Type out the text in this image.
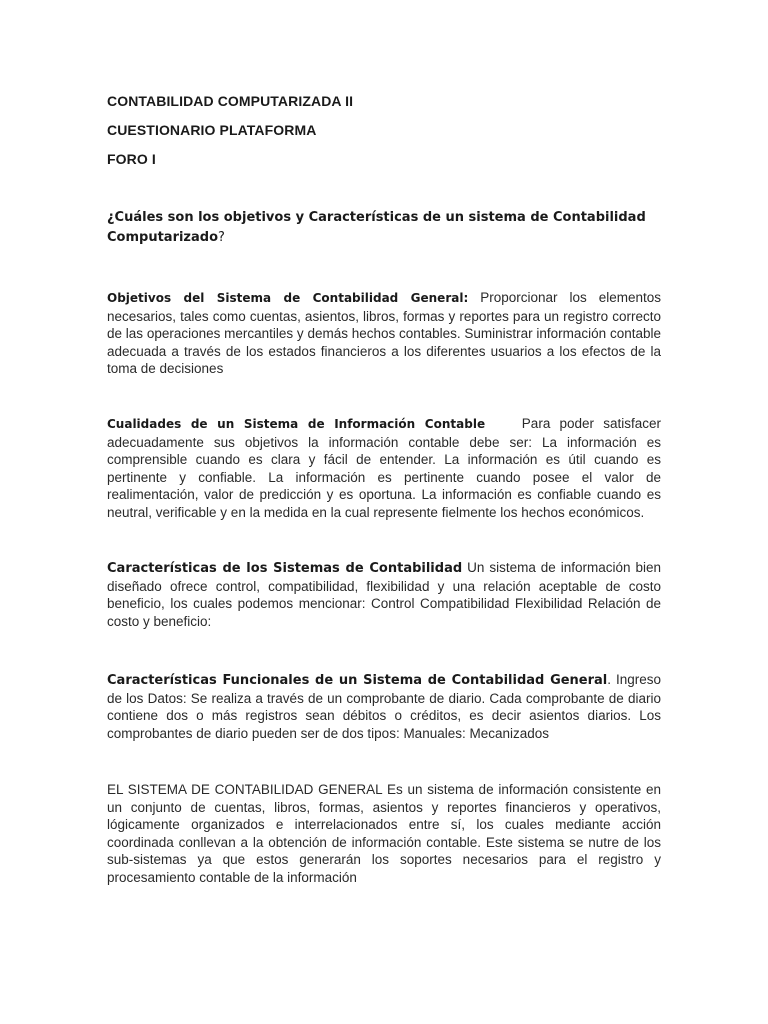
CONTABILIDAD COMPUTARIZADA II
CUESTIONARIO PLATAFORMA
FORO I
¿Cuáles son los objetivos y Características de un sistema de Contabilidad Computarizado?
Objetivos del Sistema de Contabilidad General: Proporcionar los elementos necesarios, tales como cuentas, asientos, libros, formas y reportes para un registro correcto de las operaciones mercantiles y demás hechos contables. Suministrar información contable adecuada a través de los estados financieros a los diferentes usuarios a los efectos de la toma de decisiones
Cualidades de un Sistema de Información Contable    Para poder satisfacer adecuadamente sus objetivos la información contable debe ser: La información es comprensible cuando es clara y fácil de entender. La información es útil cuando es pertinente y confiable. La información es pertinente cuando posee el valor de realimentación, valor de predicción y es oportuna. La información es confiable cuando es neutral, verificable y en la medida en la cual represente fielmente los hechos económicos.
Características de los Sistemas de Contabilidad Un sistema de información bien diseñado ofrece control, compatibilidad, flexibilidad y una relación aceptable de costo beneficio, los cuales podemos mencionar: Control Compatibilidad Flexibilidad Relación de costo y beneficio:
Características Funcionales de un Sistema de Contabilidad General. Ingreso de los Datos: Se realiza a través de un comprobante de diario. Cada comprobante de diario contiene dos o más registros sean débitos o créditos, es decir asientos diarios. Los comprobantes de diario pueden ser de dos tipos: Manuales: Mecanizados
EL SISTEMA DE CONTABILIDAD GENERAL Es un sistema de información consistente en un conjunto de cuentas, libros, formas, asientos y reportes financieros y operativos, lógicamente organizados e interrelacionados entre sí, los cuales mediante acción coordinada conllevan a la obtención de información contable. Este sistema se nutre de los sub-sistemas ya que estos generarán los soportes necesarios para el registro y procesamiento contable de la información
